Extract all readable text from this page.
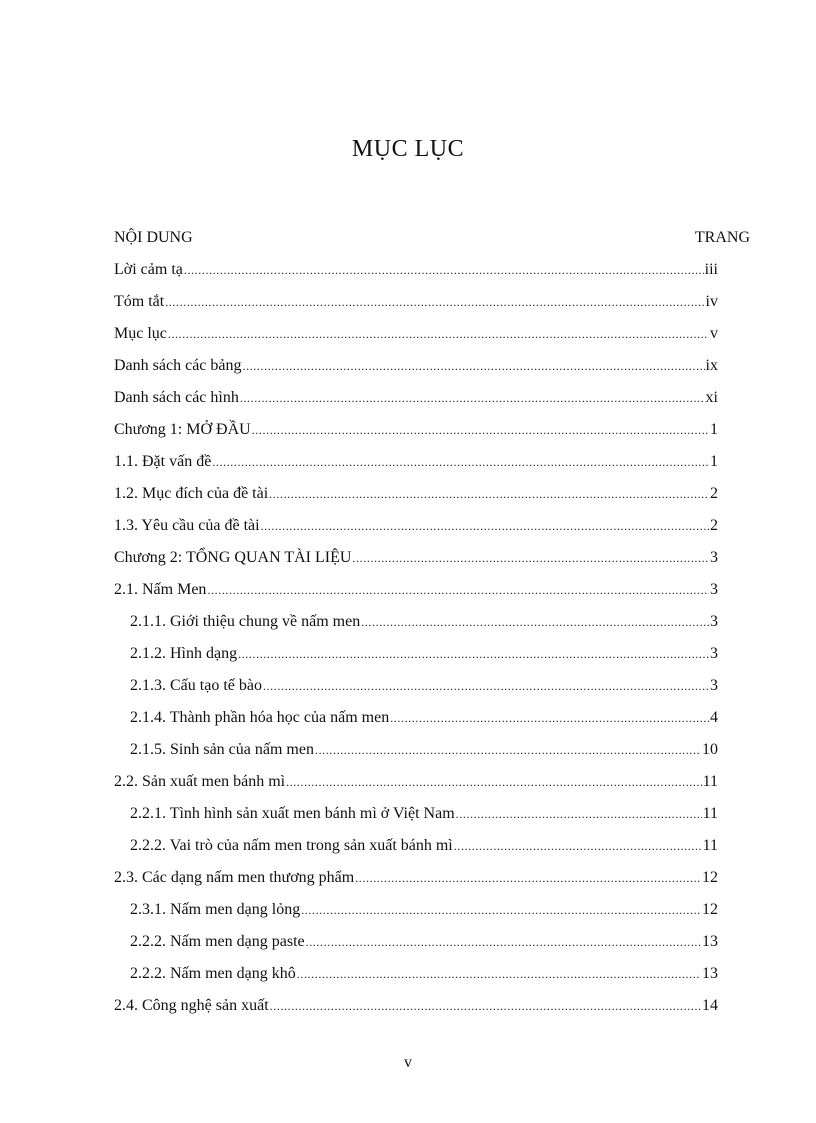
MỤC LỤC
NỘI DUNG	TRANG
Lời cảm tạ .....	iii
Tóm tắt .....	iv
Mục lục .....	v
Danh sách các bảng .....	ix
Danh sách các hình .....	xi
Chương 1: MỞ ĐẦU .....	1
1.1. Đặt vấn đề .....	1
1.2. Mục đích của đề tài .....	2
1.3. Yêu cầu của đề tài .....	2
Chương 2: TỔNG QUAN TÀI LIỆU .....	3
2.1. Nấm Men .....	3
2.1.1. Giới thiệu chung về nấm men .....	3
2.1.2. Hình dạng .....	3
2.1.3. Cấu tạo tế bào .....	3
2.1.4. Thành phần hóa học của nấm men .....	4
2.1.5. Sinh sản của nấm men .....	10
2.2. Sản xuất men bánh mì .....	11
2.2.1. Tình hình sản xuất men bánh mì ở Việt Nam .....	11
2.2.2. Vai trò của nấm men trong sản xuất bánh mì .....	11
2.3. Các dạng nấm men thương phẩm .....	12
2.3.1. Nấm men dạng lỏng .....	12
2.2.2. Nấm men dạng paste .....	13
2.2.2. Nấm men dạng khô .....	13
2.4. Công nghệ sản xuất .....	14
v
